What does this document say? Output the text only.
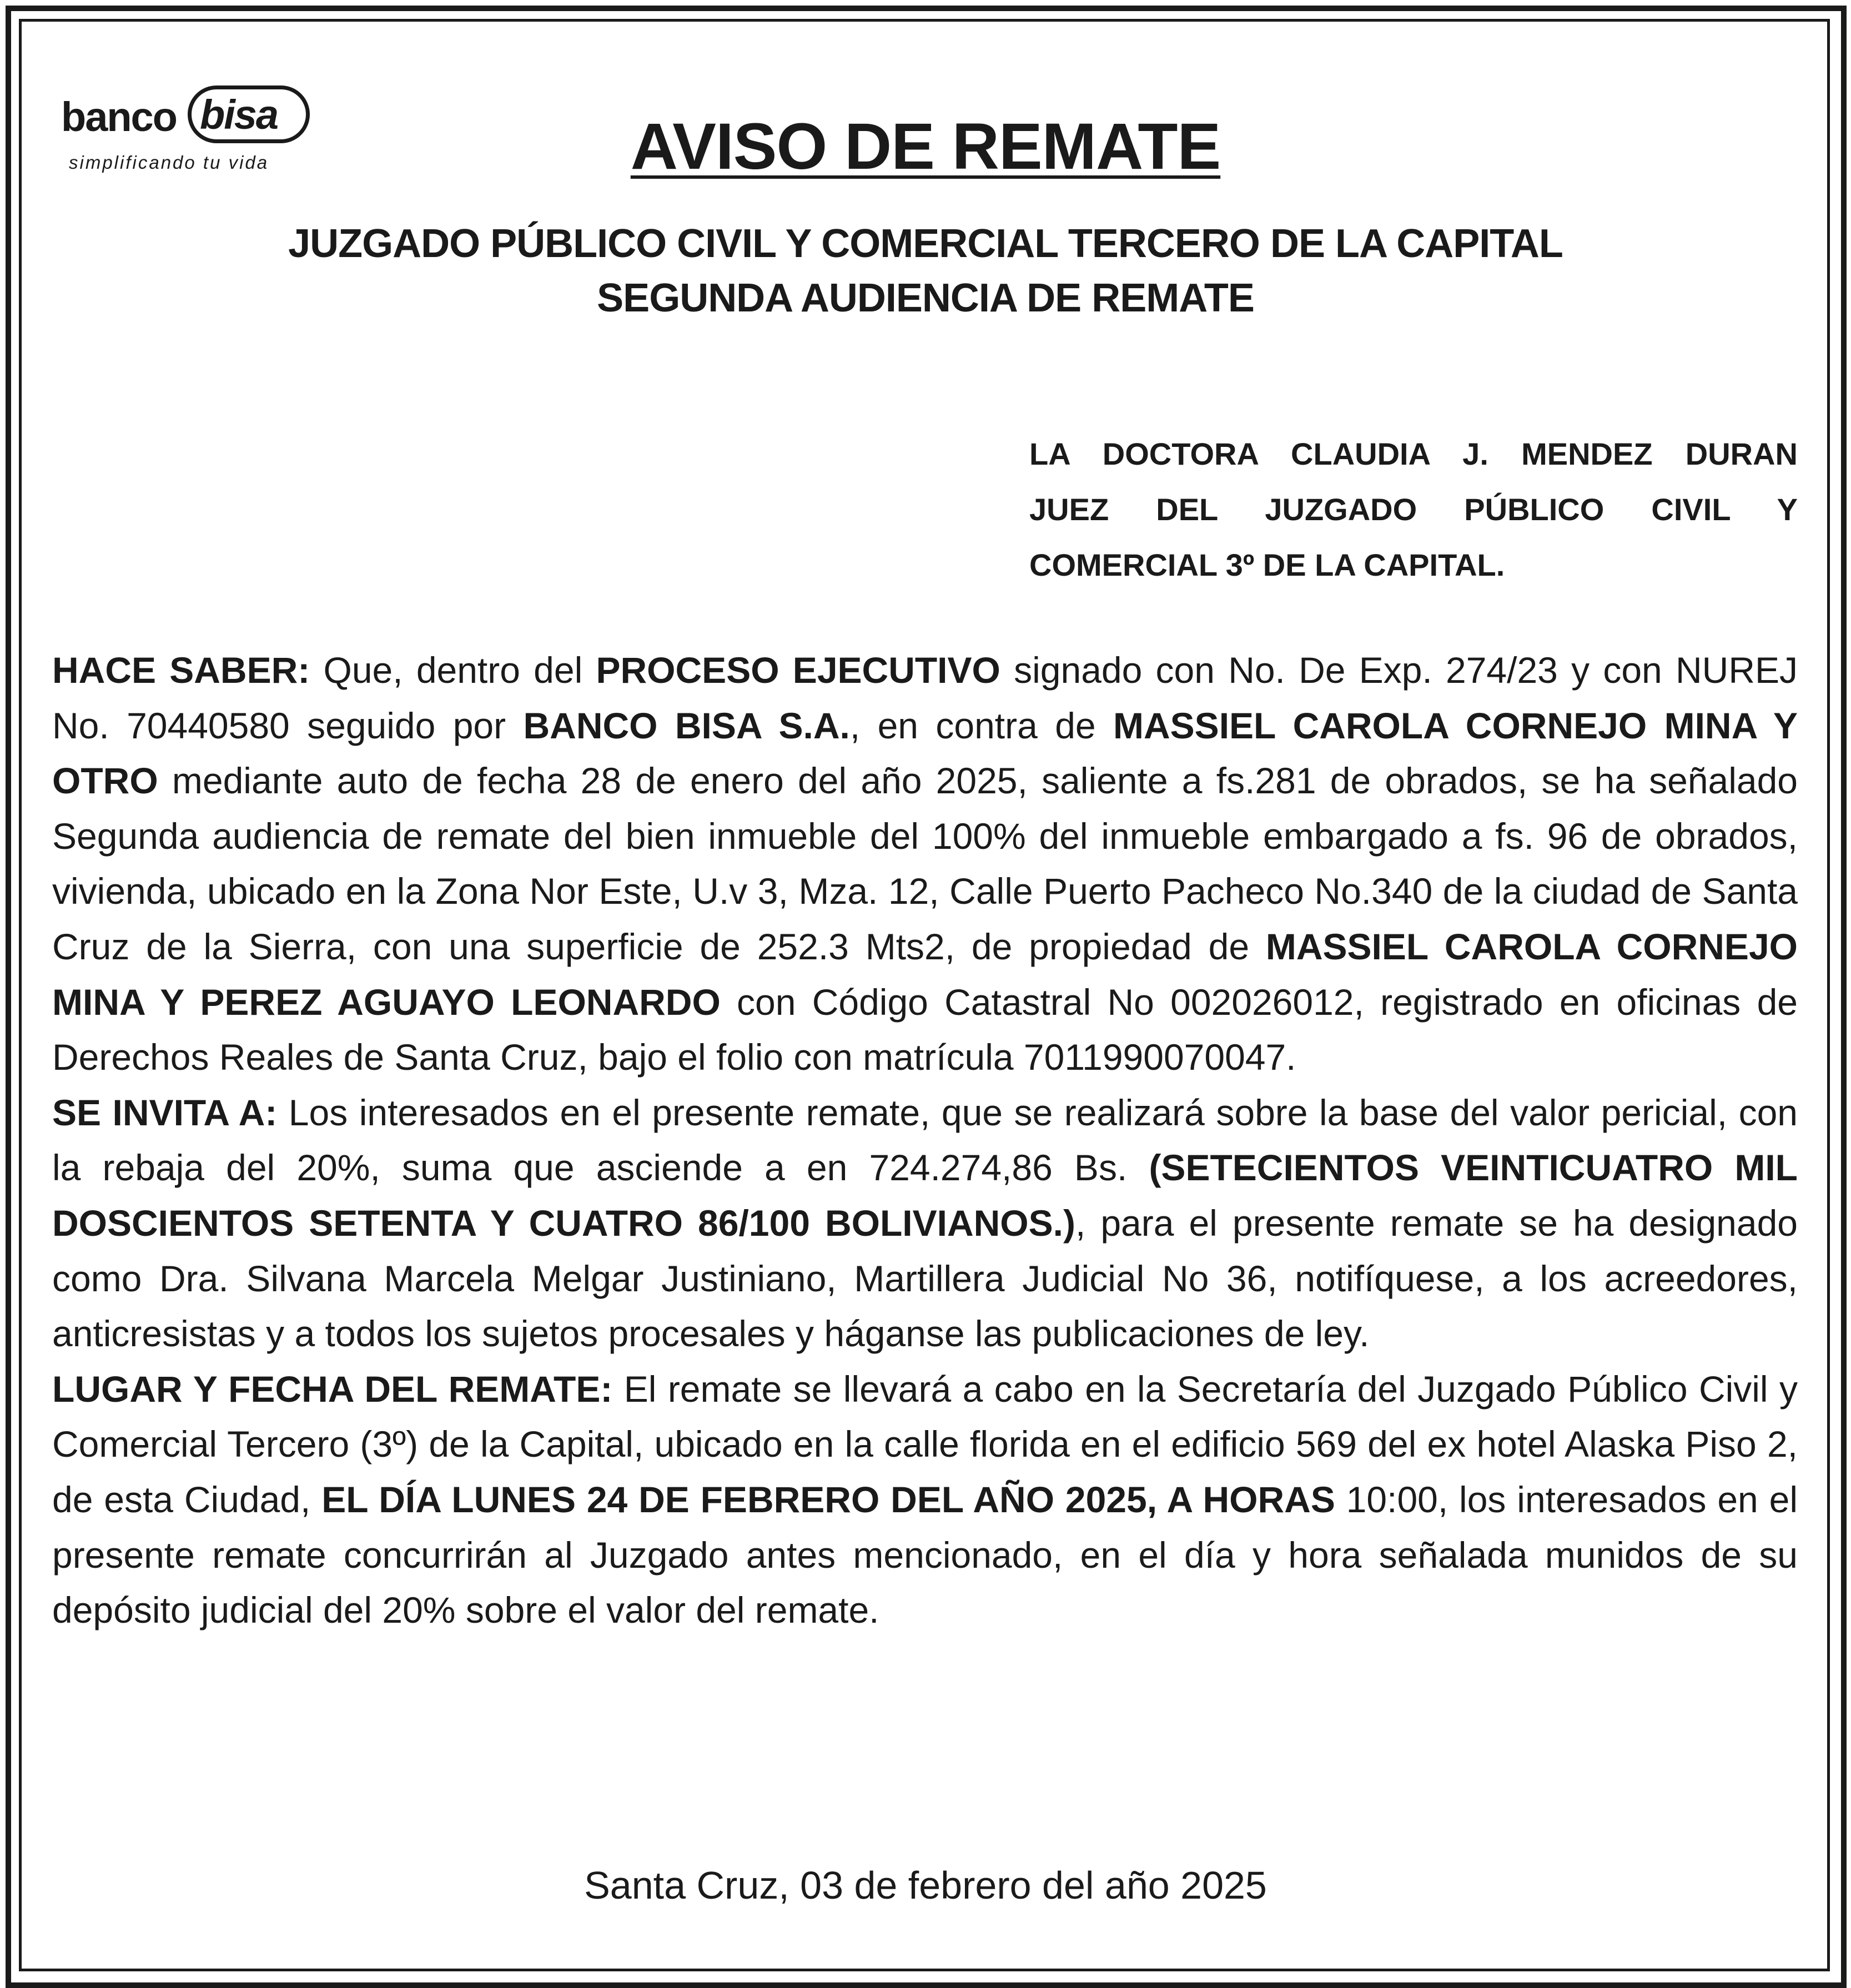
banco bisa
simplificando tu vida	AVISO DE REMATE
JUZGADO PÚBLICO CIVIL Y COMERCIAL TERCERO DE LA CAPITAL
SEGUNDA AUDIENCIA DE REMATE
LA DOCTORA CLAUDIA J. MENDEZ DURAN
JUEZ DEL JUZGADO PÚBLICO CIVIL Y
COMERCIAL 3º DE LA CAPITAL.

HACE SABER: Que, dentro del PROCESO EJECUTIVO signado con No. De Exp. 274/23 y con NUREJ No. 70440580 seguido por BANCO BISA S.A., en contra de MASSIEL CAROLA CORNEJO MINA Y OTRO mediante auto de fecha 28 de enero del año 2025, saliente a fs.281 de obrados, se ha señalado Segunda audiencia de remate del bien inmueble del 100% del inmueble embargado a fs. 96 de obrados, vivienda, ubicado en la Zona Nor Este, U.v 3, Mza. 12, Calle Puerto Pacheco No.340 de la ciudad de Santa Cruz de la Sierra, con una superficie de 252.3 Mts2, de propiedad de MASSIEL CAROLA CORNEJO MINA Y PEREZ AGUAYO LEONARDO con Código Catastral No 002026012, registrado en oficinas de Derechos Reales de Santa Cruz, bajo el folio con matrícula 7011990070047.

SE INVITA A: Los interesados en el presente remate, que se realizará sobre la base del valor pericial, con la rebaja del 20%, suma que asciende a en 724.274,86 Bs. (SETECIENTOS VEINTICUATRO MIL DOSCIENTOS SETENTA Y CUATRO 86/100 BOLIVIANOS.), para el presente remate se ha designado como Dra. Silvana Marcela Melgar Justiniano, Martillera Judicial No 36, notifíquese, a los acreedores, anticresistas y a todos los sujetos procesales y háganse las publicaciones de ley.

LUGAR Y FECHA DEL REMATE: El remate se llevará a cabo en la Secretaría del Juzgado Público Civil y Comercial Tercero (3º) de la Capital, ubicado en la calle florida en el edificio 569 del ex hotel Alaska Piso 2, de esta Ciudad, EL DÍA LUNES 24 DE FEBRERO DEL AÑO 2025, A HORAS 10:00, los interesados en el presente remate concurrirán al Juzgado antes mencionado, en el día y hora señalada munidos de su depósito judicial del 20% sobre el valor del remate.

Santa Cruz, 03 de febrero del año 2025
